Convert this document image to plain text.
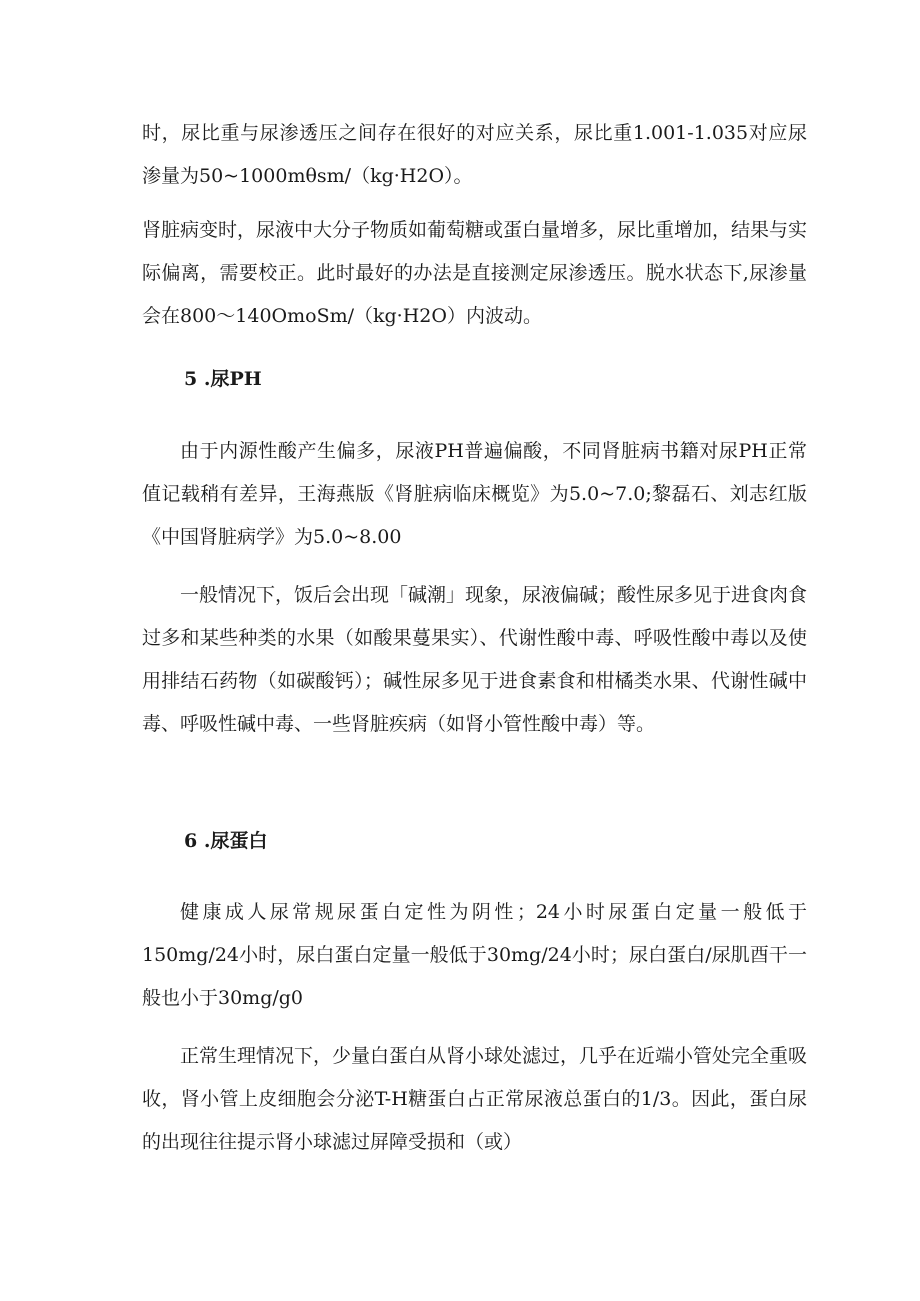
时，尿比重与尿渗透压之间存在很好的对应关系，尿比重1.001-1.035对应尿渗量为50~1000mθsm∕（kg·H2O）。

肾脏病变时，尿液中大分子物质如葡萄糖或蛋白量增多，尿比重增加，结果与实际偏离，需要校正。此时最好的办法是直接测定尿渗透压。脱水状态下,尿渗量会在800〜140OmoSm/（kg·H2O）内波动。

5 .尿PH

由于内源性酸产生偏多，尿液PH普遍偏酸，不同肾脏病书籍对尿PH正常值记载稍有差异，王海燕版《肾脏病临床概览》为5.0~7.0;黎磊石、刘志红版《中国肾脏病学》为5.0~8.00

一般情况下，饭后会出现「碱潮」现象，尿液偏碱；酸性尿多见于进食肉食过多和某些种类的水果（如酸果蔓果实）、代谢性酸中毒、呼吸性酸中毒以及使用排结石药物（如碳酸钙）；碱性尿多见于进食素食和柑橘类水果、代谢性碱中毒、呼吸性碱中毒、一些肾脏疾病（如肾小管性酸中毒）等。

6 .尿蛋白

健康成人尿常规尿蛋白定性为阴性；24小时尿蛋白定量一般低于150mg/24小时，尿白蛋白定量一般低于30mg/24小时；尿白蛋白/尿肌酉干一般也小于30mg∕g0

正常生理情况下，少量白蛋白从肾小球处滤过，几乎在近端小管处完全重吸收，肾小管上皮细胞会分泌T-H糖蛋白占正常尿液总蛋白的1/3。因此，蛋白尿的出现往往提示肾小球滤过屏障受损和（或）
